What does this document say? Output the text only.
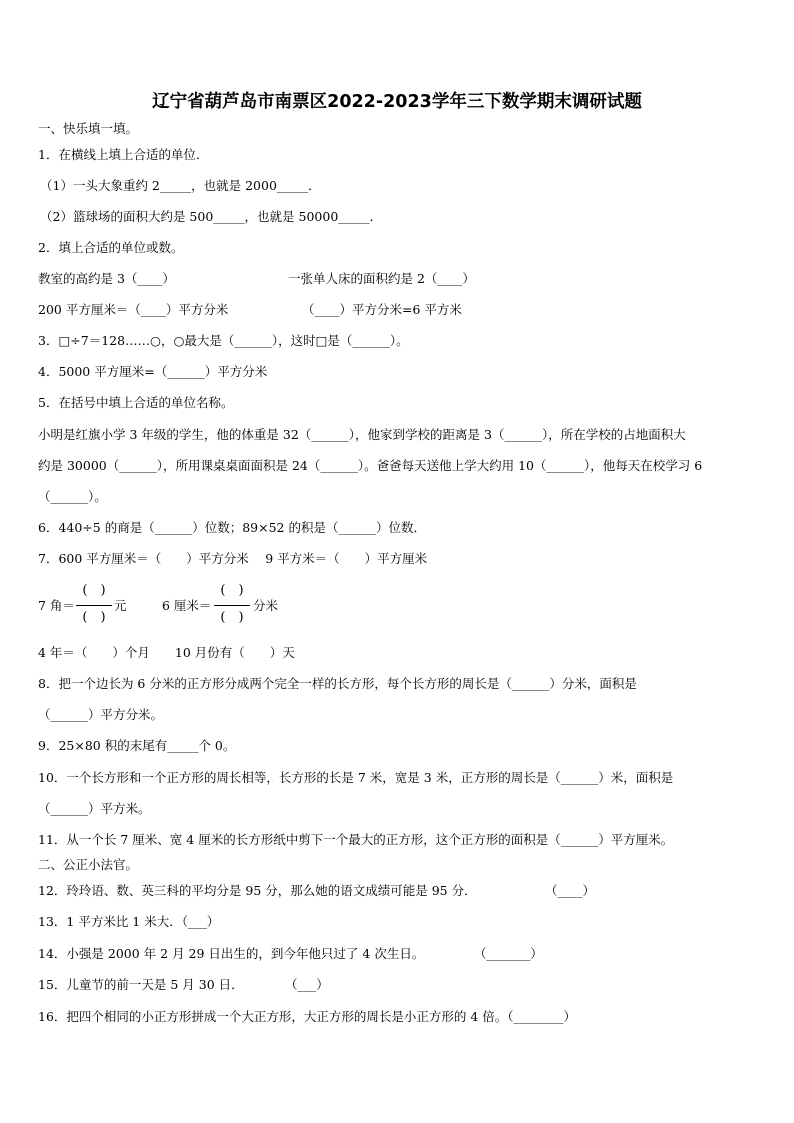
辽宁省葫芦岛市南票区2022-2023学年三下数学期末调研试题
一、快乐填一填。
1．在横线上填上合适的单位．
（1）一头大象重约 2_____，也就是 2000_____．
（2）篮球场的面积大约是 500_____，也就是 50000_____．
2．填上合适的单位或数。
教室的高约是 3（____）	一张单人床的面积约是 2（____）
200 平方厘米＝（____）平方分米	（____）平方分米=6 平方米
3．□÷7＝128……○，○最大是（______），这时□是（______）。
4．5000 平方厘米=（______）平方分米
5．在括号中填上合适的单位名称。
小明是红旗小学 3 年级的学生，他的体重是 32（______），他家到学校的距离是 3（______），所在学校的占地面积大
约是 30000（______），所用课桌桌面面积是 24（______）。爸爸每天送他上学大约用 10（______），他每天在校学习 6
（______）。
6．440÷5 的商是（______）位数；89×52 的积是（______）位数．
7．600 平方厘米＝（　　）平方分米　 9 平方米＝（　　）平方厘米
7 角＝
(　)
(　)
元	6 厘米＝
(　)
(　)
分米
4 年＝（　　）个月　　10 月份有（　　）天
8．把一个边长为 6 分米的正方形分成两个完全一样的长方形，每个长方形的周长是（______）分米，面积是
（______）平方分米。
9．25×80 积的末尾有_____个 0。
10．一个长方形和一个正方形的周长相等，长方形的长是 7 米，宽是 3 米，正方形的周长是（______）米，面积是
（______）平方米。
11．从一个长 7 厘米、宽 4 厘米的长方形纸中剪下一个最大的正方形，这个正方形的面积是（______）平方厘米。
二、公正小法官。
12．玲玲语、数、英三科的平均分是 95 分，那么她的语文成绩可能是 95 分．	（____）
13．1 平方米比 1 米大．（___）
14．小强是 2000 年 2 月 29 日出生的，到今年他只过了 4 次生日。	（_______）
15．儿童节的前一天是 5 月 30 日．	（___）
16．把四个相同的小正方形拼成一个大正方形，大正方形的周长是小正方形的 4 倍。（________）
